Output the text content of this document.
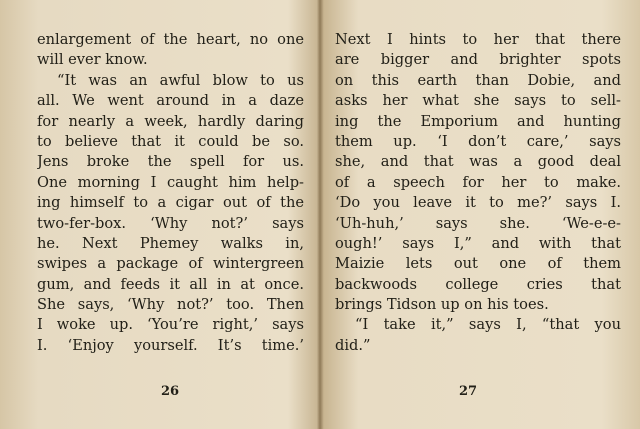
enlargement of the heart, no one
will ever know.
“It was an awful blow to us
all. We went around in a daze
for nearly a week, hardly daring
to believe that it could be so.
Jens broke the spell for us.
One morning I caught him help-
ing himself to a cigar out of the
two-fer-box. ‘Why not?’ says
he. Next Phemey walks in,
swipes a package of wintergreen
gum, and feeds it all in at once.
She says, ‘Why not?’ too. Then
I woke up. ‘You’re right,’ says
I. ‘Enjoy yourself. It’s time.’
26
Next I hints to her that there
are bigger and brighter spots
on this earth than Dobie, and
asks her what she says to sell-
ing the Emporium and hunting
them up. ‘I don’t care,’ says
she, and that was a good deal
of a speech for her to make.
‘Do you leave it to me?’ says I.
‘Uh-huh,’ says she. ‘We-e-e-
ough!’ says I,” and with that
Maizie lets out one of them
backwoods college cries that
brings Tidson up on his toes.
“I take it,” says I, “that you
did.”
27
